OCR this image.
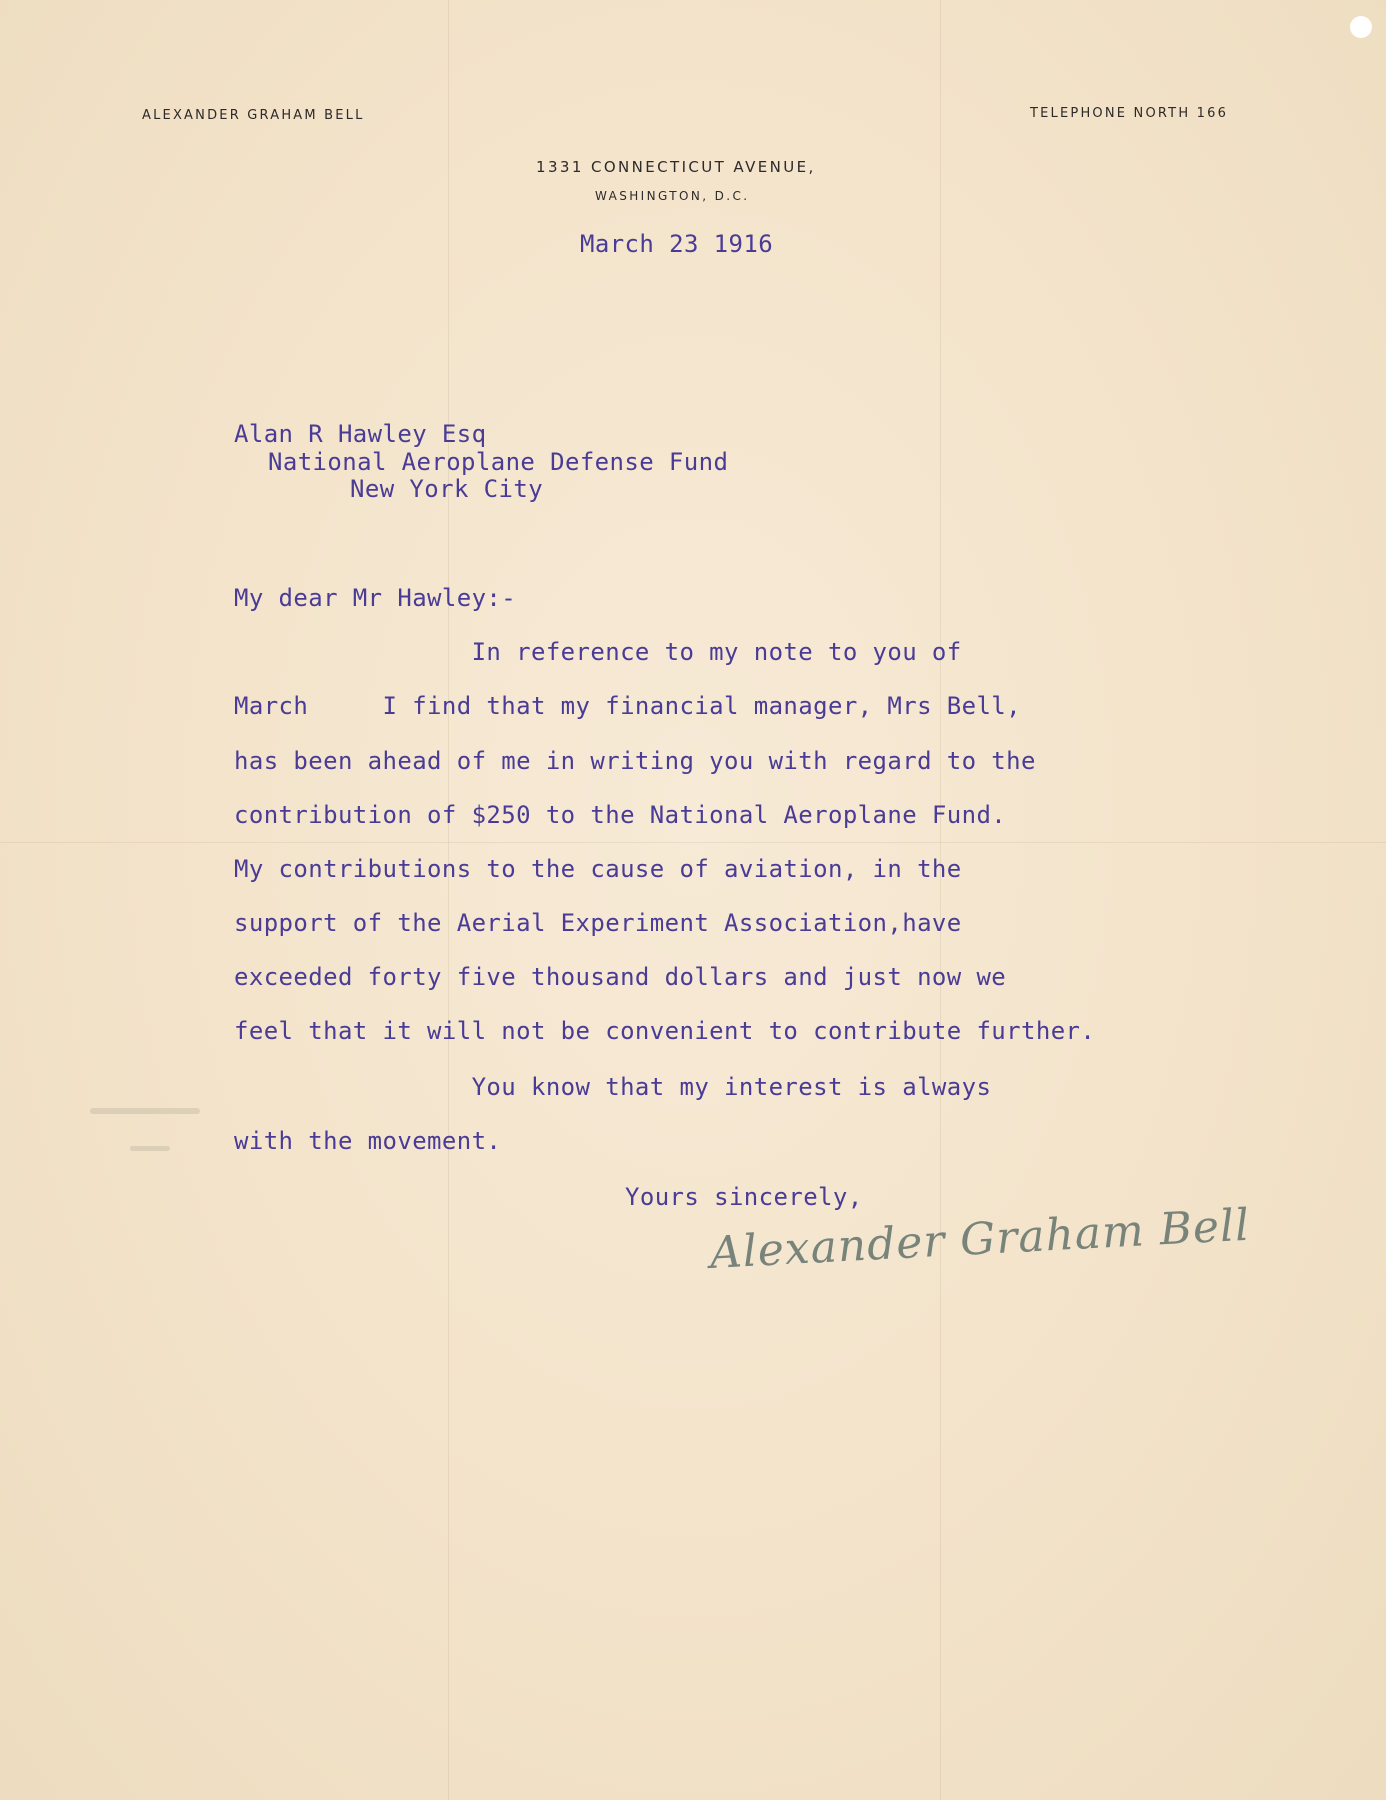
ALEXANDER GRAHAM BELL	TELEPHONE NORTH 166
1331 CONNECTICUT AVENUE,
WASHINGTON, D.C.
March 23 1916
Alan R Hawley Esq
National Aeroplane Defense Fund
New York City
My dear Mr Hawley:-
In reference to my note to you of
March     I find that my financial manager, Mrs Bell,
has been ahead of me in writing you with regard to the
contribution of $250 to the National Aeroplane Fund.
My contributions to the cause of aviation, in the
support of the Aerial Experiment Association,have
exceeded forty five thousand dollars and just now we
feel that it will not be convenient to contribute further.
You know that my interest is always
with the movement.
Yours sincerely,
Alexander Graham Bell
